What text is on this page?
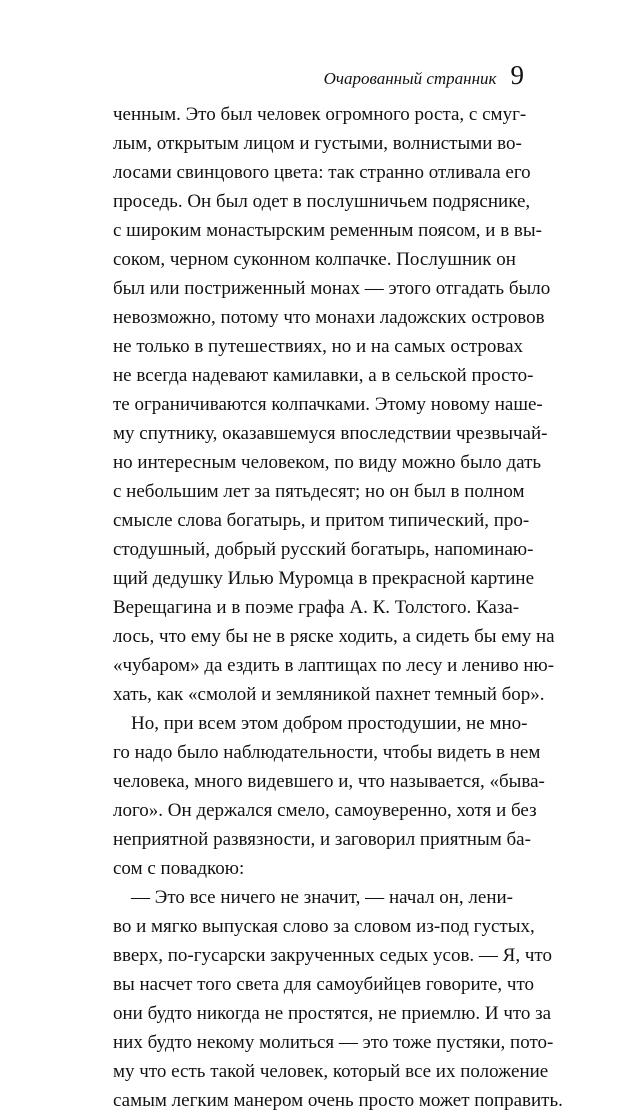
Очарованный странник 9
ченным. Это был человек огромного роста, с смуг-
лым, открытым лицом и густыми, волнистыми во-
лосами свинцового цвета: так странно отливала его
проседь. Он был одет в послушничьем подряснике,
с широким монастырским ременным поясом, и в вы-
соком, черном суконном колпачке. Послушник он
был или постриженный монах — этого отгадать было
невозможно, потому что монахи ладожских островов
не только в путешествиях, но и на самых островах
не всегда надевают камилавки, а в сельской просто-
те ограничиваются колпачками. Этому новому наше-
му спутнику, оказавшемуся впоследствии чрезвычай-
но интересным человеком, по виду можно было дать
с небольшим лет за пятьдесят; но он был в полном
смысле слова богатырь, и притом типический, про-
стодушный, добрый русский богатырь, напоминаю-
щий дедушку Илью Муромца в прекрасной картине
Верещагина и в поэме графа А. К. Толстого. Каза-
лось, что ему бы не в ряске ходить, а сидеть бы ему на
«чубаром» да ездить в лаптищах по лесу и лениво ню-
хать, как «смолой и земляникой пахнет темный бор».
Но, при всем этом добром простодушии, не мно-
го надо было наблюдательности, чтобы видеть в нем
человека, много видевшего и, что называется, «быва-
лого». Он держался смело, самоуверенно, хотя и без
неприятной развязности, и заговорил приятным ба-
сом с повадкою:
— Это все ничего не значит, — начал он, лени-
во и мягко выпуская слово за словом из-под густых,
вверх, по-гусарски закрученных седых усов. — Я, что
вы насчет того света для самоубийцев говорите, что
они будто никогда не простятся, не приемлю. И что за
них будто некому молиться — это тоже пустяки, пото-
му что есть такой человек, который все их положение
самым легким манером очень просто может поправить.
